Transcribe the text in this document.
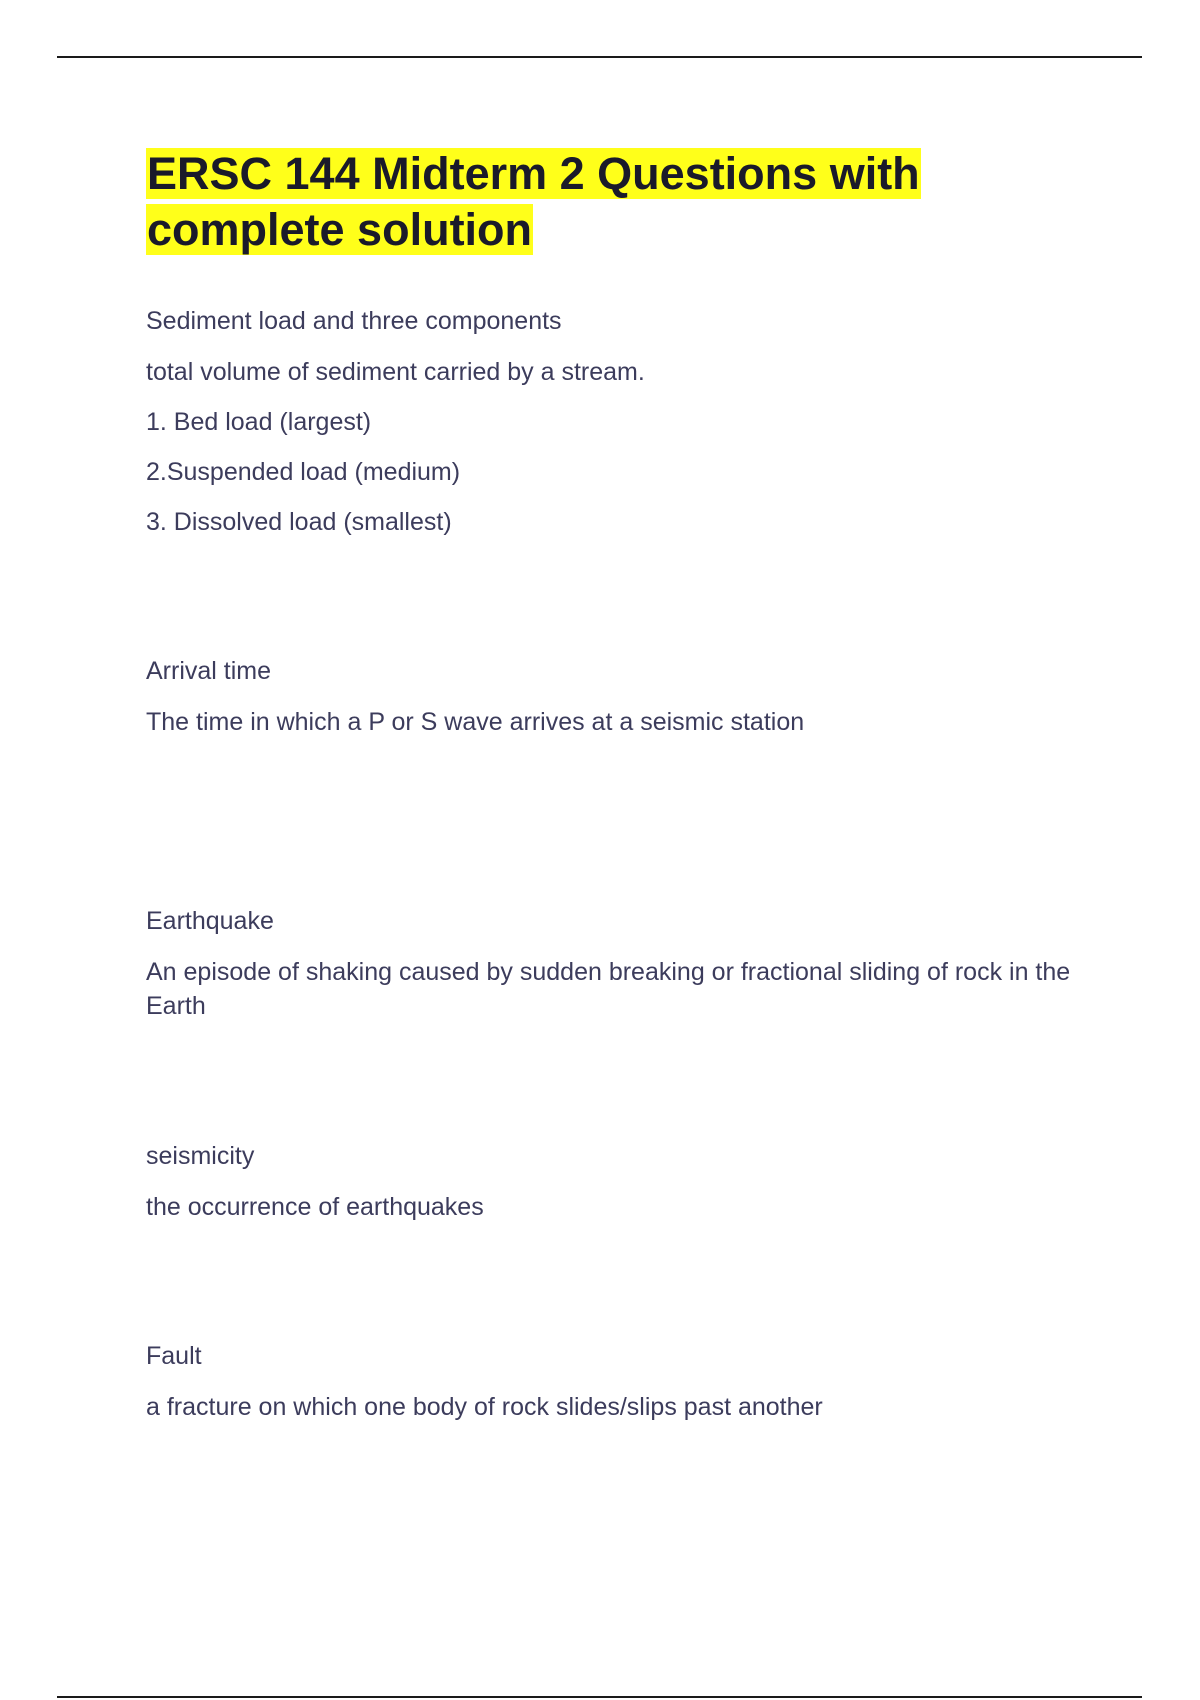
ERSC 144 Midterm 2 Questions with complete solution

Sediment load and three components

total volume of sediment carried by a stream.

1. Bed load (largest)

2.Suspended load (medium)

3. Dissolved load (smallest)

Arrival time

The time in which a P or S wave arrives at a seismic station

Earthquake

An episode of shaking caused by sudden breaking or fractional sliding of rock in the Earth

seismicity

the occurrence of earthquakes

Fault

a fracture on which one body of rock slides/slips past another
